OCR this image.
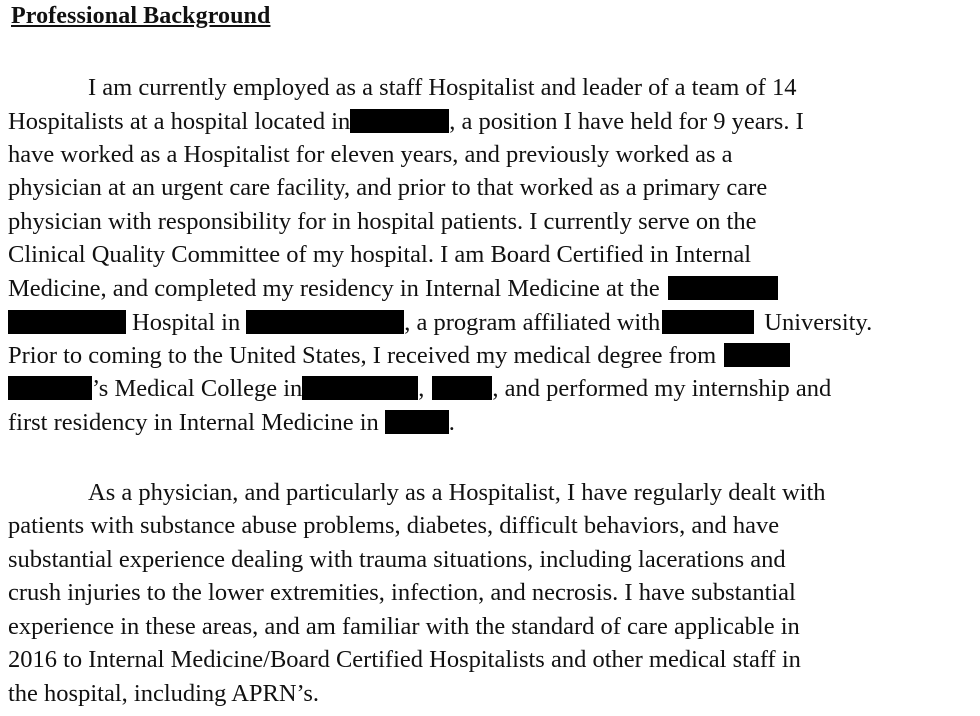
Professional Background
I am currently employed as a staff Hospitalist and leader of a team of 14
Hospitalists at a hospital located in	, a position I have held for 9 years. I
have worked as a Hospitalist for eleven years, and previously worked as a
physician at an urgent care facility, and prior to that worked as a primary care
physician with responsibility for in hospital patients. I currently serve on the
Clinical Quality Committee of my hospital. I am Board Certified in Internal
Medicine, and completed my residency in Internal Medicine at the
Hospital in	, a program affiliated with	University.
Prior to coming to the United States, I received my medical degree from
’s Medical College in	,	, and performed my internship and
first residency in Internal Medicine in	.
As a physician, and particularly as a Hospitalist, I have regularly dealt with
patients with substance abuse problems, diabetes, difficult behaviors, and have
substantial experience dealing with trauma situations, including lacerations and
crush injuries to the lower extremities, infection, and necrosis. I have substantial
experience in these areas, and am familiar with the standard of care applicable in
2016 to Internal Medicine/Board Certified Hospitalists and other medical staff in
the hospital, including APRN’s.
